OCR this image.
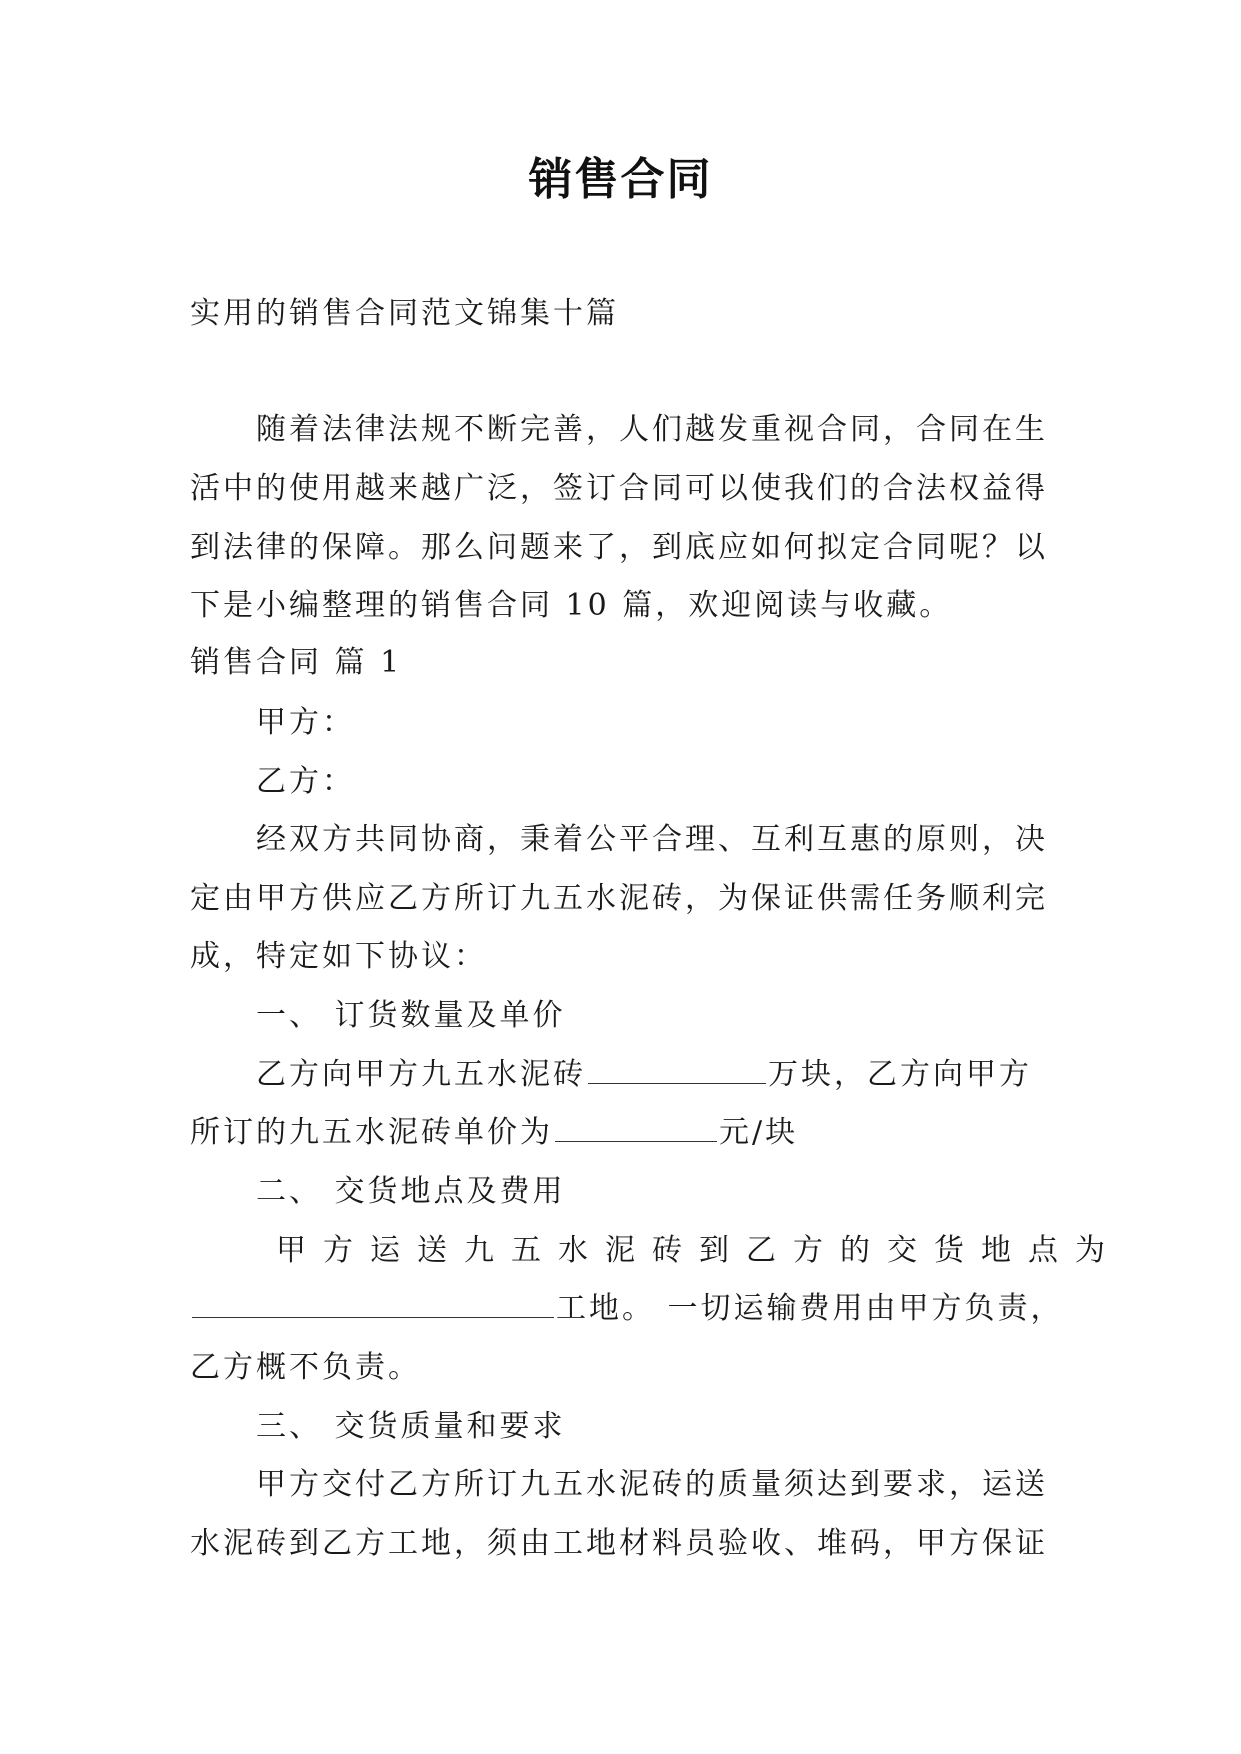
销售合同
实用的销售合同范文锦集十篇
随着法律法规不断完善，人们越发重视合同，合同在生
活中的使用越来越广泛，签订合同可以使我们的合法权益得
到法律的保障。那么问题来了，到底应如何拟定合同呢？以
下是小编整理的销售合同 10 篇，欢迎阅读与收藏。
销售合同 篇 1
甲方：
乙方：
经双方共同协商，秉着公平合理、互利互惠的原则，决
定由甲方供应乙方所订九五水泥砖，为保证供需任务顺利完
成，特定如下协议：
一、 订货数量及单价
乙方向甲方九五水泥砖	万块，乙方向甲方
所订的九五水泥砖单价为	元/块
二、 交货地点及费用
甲方运送九五水泥砖到乙方的交货地点为
工地。 一切运输费用由甲方负责，
乙方概不负责。
三、 交货质量和要求
甲方交付乙方所订九五水泥砖的质量须达到要求，运送
水泥砖到乙方工地，须由工地材料员验收、堆码，甲方保证
